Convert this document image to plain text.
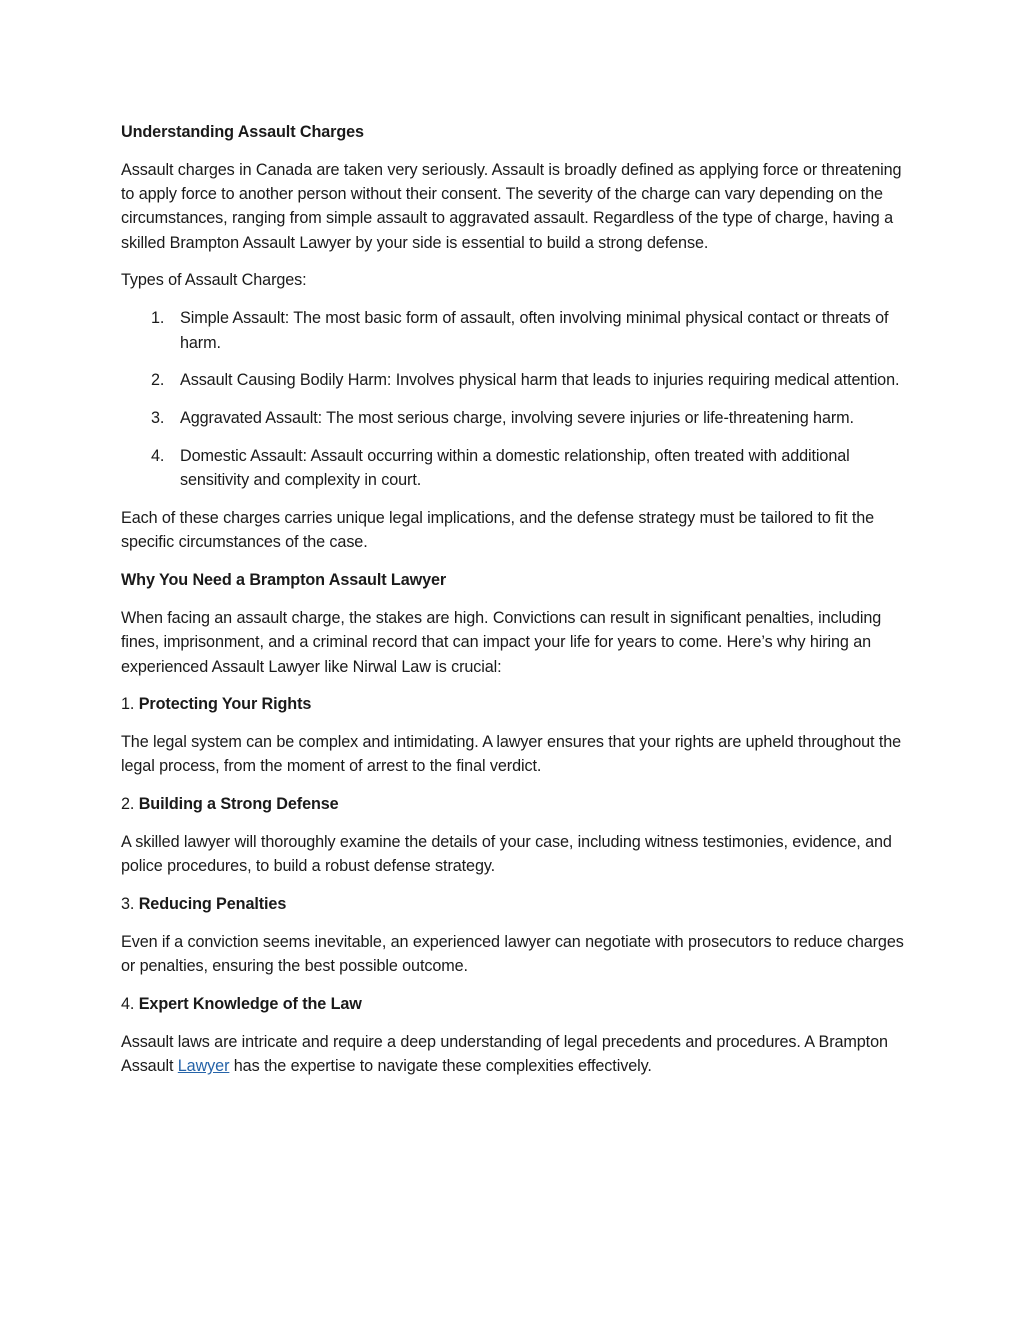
Understanding Assault Charges

Assault charges in Canada are taken very seriously. Assault is broadly defined as applying force or threatening to apply force to another person without their consent. The severity of the charge can vary depending on the circumstances, ranging from simple assault to aggravated assault. Regardless of the type of charge, having a skilled Brampton Assault Lawyer by your side is essential to build a strong defense.

Types of Assault Charges:

1. Simple Assault: The most basic form of assault, often involving minimal physical contact or threats of harm.
2. Assault Causing Bodily Harm: Involves physical harm that leads to injuries requiring medical attention.
3. Aggravated Assault: The most serious charge, involving severe injuries or life-threatening harm.
4. Domestic Assault: Assault occurring within a domestic relationship, often treated with additional sensitivity and complexity in court.

Each of these charges carries unique legal implications, and the defense strategy must be tailored to fit the specific circumstances of the case.

Why You Need a Brampton Assault Lawyer

When facing an assault charge, the stakes are high. Convictions can result in significant penalties, including fines, imprisonment, and a criminal record that can impact your life for years to come. Here’s why hiring an experienced Assault Lawyer like Nirwal Law is crucial:

1. Protecting Your Rights

The legal system can be complex and intimidating. A lawyer ensures that your rights are upheld throughout the legal process, from the moment of arrest to the final verdict.

2. Building a Strong Defense

A skilled lawyer will thoroughly examine the details of your case, including witness testimonies, evidence, and police procedures, to build a robust defense strategy.

3. Reducing Penalties

Even if a conviction seems inevitable, an experienced lawyer can negotiate with prosecutors to reduce charges or penalties, ensuring the best possible outcome.

4. Expert Knowledge of the Law

Assault laws are intricate and require a deep understanding of legal precedents and procedures. A Brampton Assault Lawyer has the expertise to navigate these complexities effectively.
